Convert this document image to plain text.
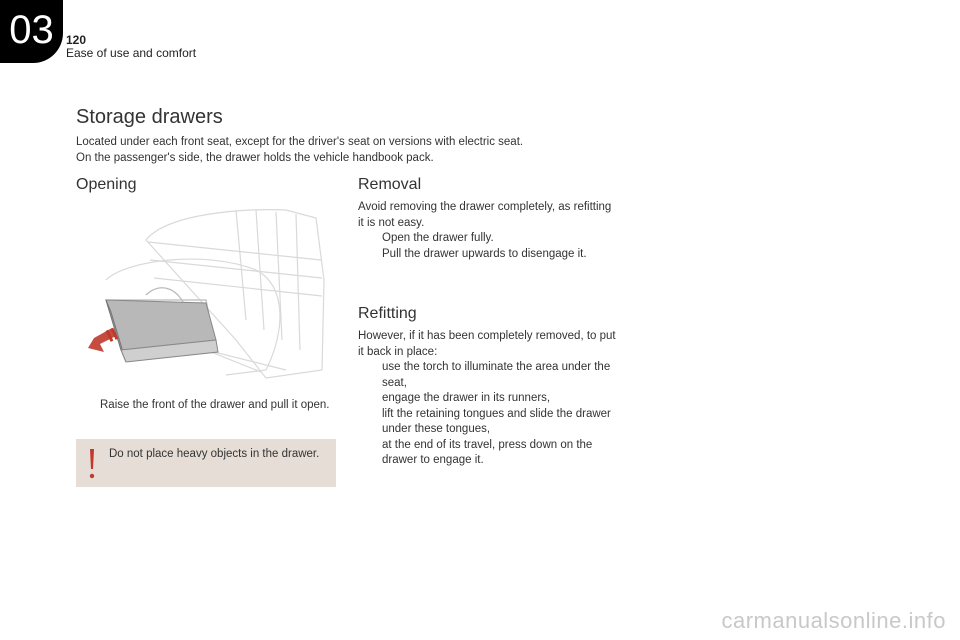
03	120
Ease of use and comfort
Storage drawers

Located under each front seat, except for the driver's seat on versions with electric seat.

On the passenger's side, the drawer holds the vehicle handbook pack.

Opening
Raise the front of the drawer and pull it open.
Do not place heavy objects in the drawer.
Removal

Avoid removing the drawer completely, as refitting it is not easy.

Open the drawer fully.
Pull the drawer upwards to disengage it.
Refitting

However, if it has been completely removed, to put it back in place:

use the torch to illuminate the area under the seat,
engage the drawer in its runners,
lift the retaining tongues and slide the drawer under these tongues,
at the end of its travel, press down on the drawer to engage it.
carmanualsonline.info
